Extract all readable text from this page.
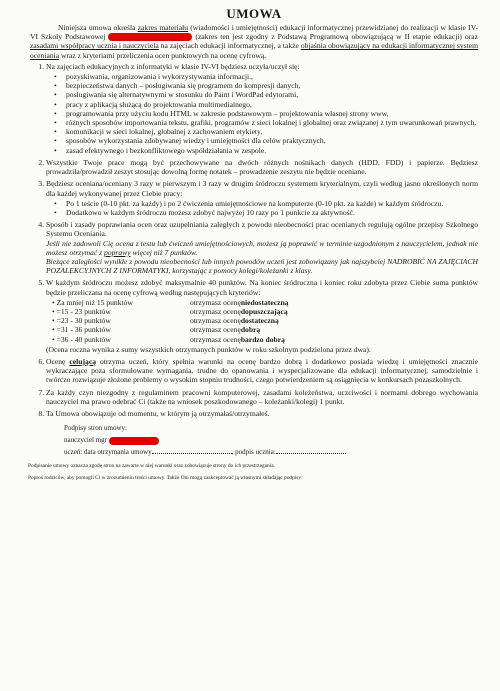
UMOWA

Niniejsza umowa określa zakres materiału (wiadomości i umiejętności) edukacji informatycznej przewidzianej do realizacji w klasie IV-VI Szkoły Podstawowej	(zakres ten jest zgodny z Podstawą Programową obowiązującą w II etapie edukacji) oraz zasadami współpracy ucznia i nauczyciela na zajęciach edukacji informatycznej, a także objaśnia obowiązujący na edukacji informatycznej system oceniania wraz z kryteriami przeliczenia ocen punktowych na ocenę cyfrową.

1. Na zajęciach edukacyjnych z informatyki w klasie IV-VI będziesz uczyła/uczył się:
• pozyskiwania, organizowania i wykorzystywania informacji.,
• bezpieczeństwa danych – posługiwania się programem do kompresji danych,
• posługiwania się alternatywnymi w stosunku do Paint i WordPad edytorami,
• pracy z aplikacją służącą do projektowania multimedialnego,
• programowania przy użyciu kodu HTML w zakresie podstawowym – projektowania własnej strony www,
• różnych sposobów importowania tekstu, grafiki, programów z sieci lokalnej i globalnej oraz związanej z tym uwarunkowań prawnych,
• komunikacji w sieci lokalnej, globalnej z zachowaniem etykiety,
• sposobów wykorzystania zdobywanej wiedzy i umiejętności dla celów praktycznych,
• zasad efektywnego i bezkonfliktowego współdziałania w zespole.
2. Wszystkie Twoje prace mogą być przechowywane na dwóch różnych nośnikach danych (HDD, FDD) i papierze. Będziesz prowadziła/prowadził zeszyt stosując dowolną formę notatek – prowadzenie zeszytu nie będzie oceniane.
3. Będziesz oceniana/oceniany 3 razy w pierwszym i 3 razy w drugim śródroczu systemem kryterialnym, czyli według jasno określonych norm dla każdej wykonywanej przez Ciebie pracy:
• Po 1 teście (0-10 pkt. za każdy) i po 2 ćwiczenia umiejętnościowe na komputerze (0-10 pkt. za każde) w każdym śródroczu.
• Dodatkowo w każdym śródroczu możesz zdobyć najwyżej 10 razy po 1 punkcie za aktywność.
4. Sposób i zasady poprawiania ocen oraz uzupełniania zaległych z powodu nieobecności prac ocenianych regulują ogólne przepisy Szkolnego Systemu Oceniania.
Jeśli nie zadowoli Cię ocena z testu lub ćwiczeń umiejętnościowych, możesz ją poprawić w terminie uzgodnionym z nauczycielem, jednak nie możesz otrzymać z poprawy więcej niż 7 punktów.
Bieżące zaległości wynikłe z powodu nieobecności lub innych powodów uczeń jest zobowiązany jak najszybciej NADROBIĆ NA ZAJĘCIACH POZALEKCYJNYCH Z INFORMATYKI, korzystając z pomocy kolegi/koleżanki z klasy.
5. W każdym śródroczu możesz zdobyć maksymalnie 40 punktów. Na koniec śródroczna i koniec roku zdobyta przez Ciebie suma punktów będzie przeliczana na ocenę cyfrową według następujących kryteriów:
• Za mniej niż 15 punktów	otrzymasz ocenę niedostateczną
• =15 - 23 punktów	otrzymasz ocenę dopuszczającą
• =23 - 30 punktów	otrzymasz ocenę dostateczną
• =31 - 36 punktów	otrzymasz ocenę dobrą
• =36 - 40 punktów	otrzymasz ocenę bardzo dobrą
(Ocena roczna wynika z sumy wszystkich otrzymanych punktów w roku szkolnym podzielona przez dwa).
6. Ocenę celującą otrzyma uczeń, który spełnia warunki na ocenę bardzo dobrą i dodatkowo posiada wiedzę i umiejętności znacznie wykraczające poza sformułowane wymagania, trudne do opanowania i wyspecjalizowane dla edukacji informatycznej, samodzielnie i twórczo rozwiązuje złożone problemy o wysokim stopniu trudności, czego potwierdzeniem są osiągnięcia w konkursach pozaszkolnych.
7. Za każdy czyn niezgodny z regulaminem pracowni komputerowej, zasadami koleżeństwa, uczciwości i normami dobrego wychowania nauczyciel ma prawo odebrać Ci (także na wniosek poszkodowanego – koleżanki/kolegi) 1 punkt.
8. Ta Umowa obowiązuje od momentu, w którym ją otrzymałaś/otrzymałeś.
Podpisy stron umowy:
nauczyciel mgr
uczeń: data otrzymania umowy	, podpis ucznia:
Podpisanie umowy oznacza zgodę stron na zawarte w niej warunki oraz zobowiązuje strony do ich przestrzegania.
Poproś rodziców, aby pomogli Ci w zrozumieniu treści umowy. Także Oni mogą zaakceptować ją własnymi składając podpisy:
